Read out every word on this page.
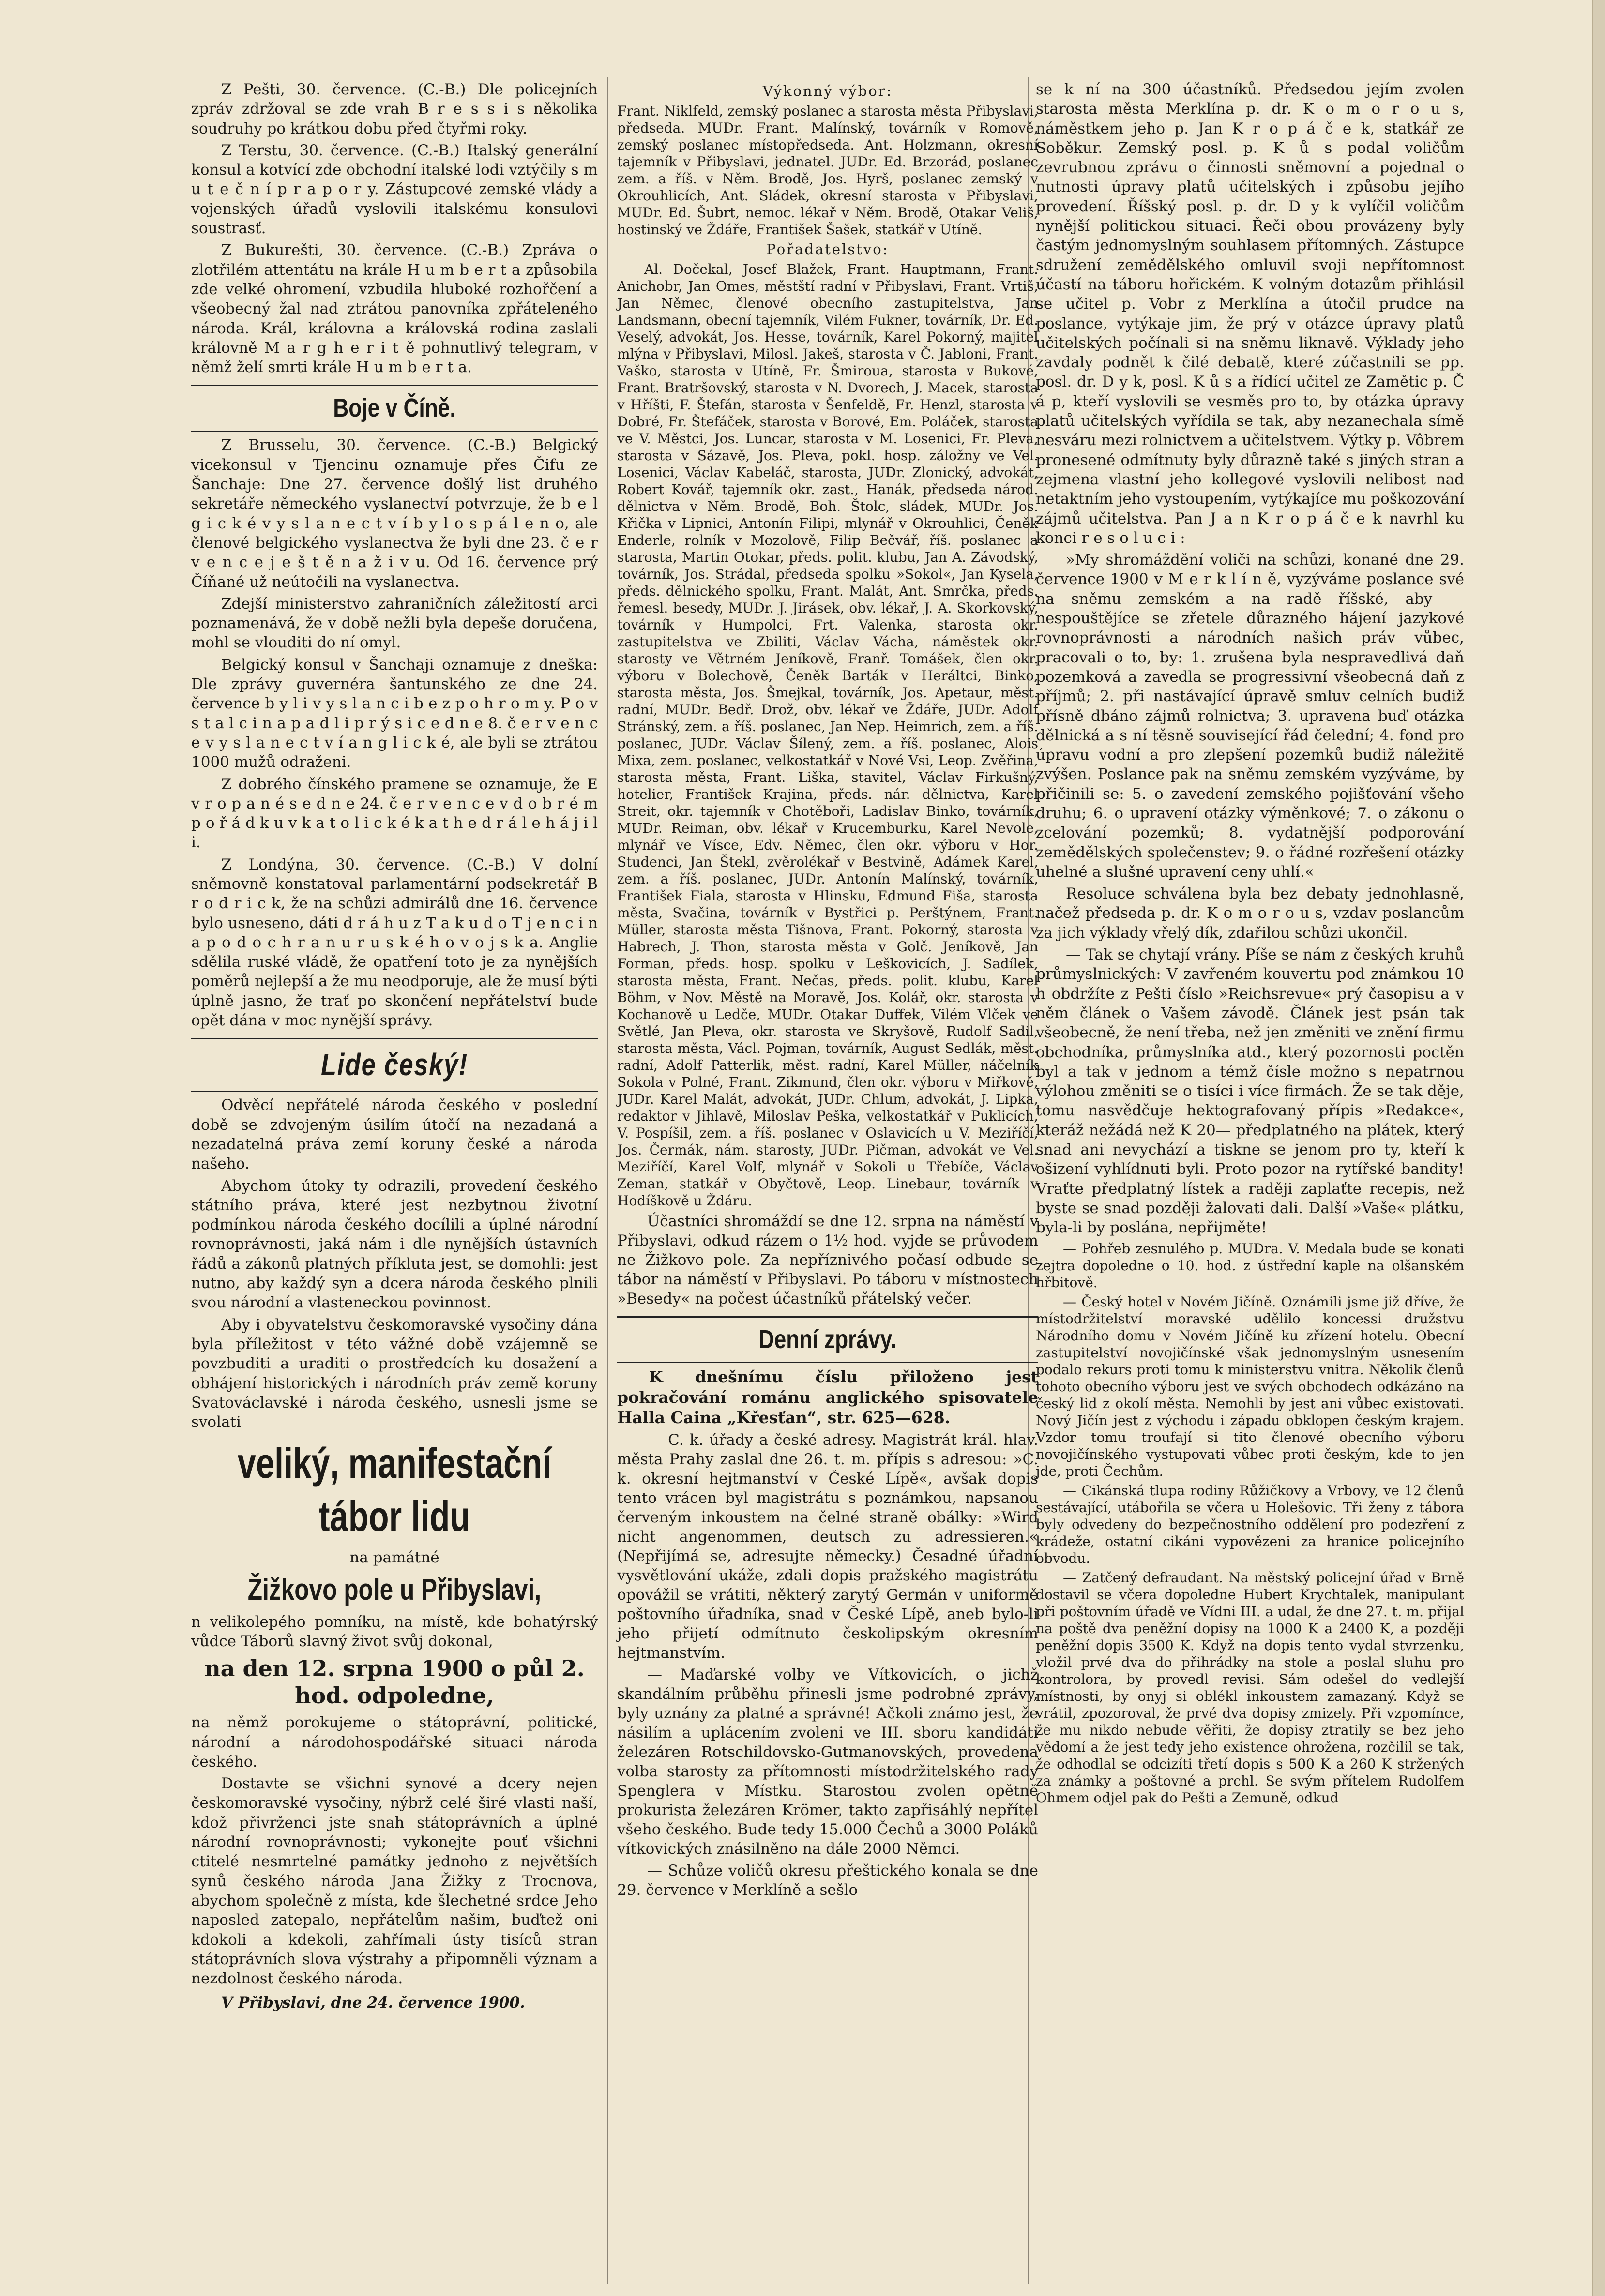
Z Pešti, 30. července. (C.-B.) Dle policejních zpráv zdržoval se zde vrah B r e s s i s několika soudruhy po krátkou dobu před čtyřmi roky.

Z Terstu, 30. července. (C.-B.) Italský generální konsul a kotvící zde obchodní italské lodi vztýčily s m u t e č n í p r a p o r y. Zástupcové zemské vlády a vojenských úřadů vyslovili italskému konsulovi soustrasť.

Z Bukurešti, 30. července. (C.-B.) Zpráva o zlotřilém attentátu na krále H u m b e r t a způsobila zde velké ohromení, vzbudila hluboké rozhořčení a všeobecný žal nad ztrátou panovníka zpřáteleného národa. Král, královna a královská rodina zaslali královně M a r g h e r i t ě pohnutlivý telegram, v němž želí smrti krále H u m b e r t a.

Boje v Číně.

Z Brusselu, 30. července. (C.-B.) Belgický vicekonsul v Tjencinu oznamuje přes Čifu ze Šanchaje: Dne 27. července došlý list druhého sekretáře německého vyslanectví potvrzuje, že b e l g i c k é v y s l a n e c t v í b y l o s p á l e n o, ale členové belgického vyslanectva že byli dne 23. č e r v e n c e j e š t ě n a ž i v u. Od 16. července prý Číňané už neútočili na vyslanectva.

Zdejší ministerstvo zahraničních záležitostí arci poznamenává, že v době nežli byla depeše doručena, mohl se vlouditi do ní omyl.

Belgický konsul v Šanchaji oznamuje z dneška: Dle zprávy guvernéra šantunského ze dne 24. července b y l i v y s l a n c i b e z p o h r o m y. P o v s t a l c i n a p a d l i p r ý s i c e d n e 8. č e r v e n c e v y s l a n e c t v í a n g l i c k é, ale byli se ztrátou 1000 mužů odraženi.

Z dobrého čínského pramene se oznamuje, že E v r o p a n é s e d n e 24. č e r v e n c e v d o b r é m p o ř á d k u v k a t o l i c k é k a t h e d r á l e h á j i l i.

Z Londýna, 30. července. (C.-B.) V dolní sněmovně konstatoval parlamentární podsekretář B r o d r i c k, že na schůzi admirálů dne 16. července bylo usneseno, dáti d r á h u z T a k u d o T j e n c i n a p o d o c h r a n u r u s k é h o v o j s k a. Anglie sdělila ruské vládě, že opatření toto je za nynějších poměrů nejlepší a že mu neodporuje, ale že musí býti úplně jasno, že trať po skončení nepřátelství bude opět dána v moc nynější správy.

Lide český!

Odvěcí nepřátelé národa českého v poslední době se zdvojeným úsilím útočí na nezadaná a nezadatelná práva zemí koruny české a národa našeho.

Abychom útoky ty odrazili, provedení českého státního práva, které jest nezbytnou životní podmínkou národa českého docílili a úplné národní rovnoprávnosti, jaká nám i dle nynějších ústavních řádů a zákonů platných příkluta jest, se domohli: jest nutno, aby každý syn a dcera národa českého plnili svou národní a vlasteneckou povinnost.

Aby i obyvatelstvu českomoravské vysočiny dána byla příležitost v této vážné době vzájemně se povzbuditi a uraditi o prostředcích ku dosažení a obhájení historických i národních práv země koruny Svatováclavské i národa českého, usnesli jsme se svolati

veliký, manifestační tábor lidu
na památné
Žižkovo pole u Přibyslavi,

n velikolepého pomníku, na místě, kde bohatýrský vůdce Táborů slavný život svůj dokonal,

na den 12. srpna 1900 o půl 2. hod. odpoledne,

na němž porokujeme o státoprávní, politické, národní a národohospodářské situaci národa českého.

Dostavte se všichni synové a dcery nejen českomoravské vysočiny, nýbrž celé širé vlasti naší, kdož přivrženci jste snah státoprávních a úplné národní rovnoprávnosti; vykonejte pouť všichni ctitelé nesmrtelné památky jednoho z největších synů českého národa Jana Žižky z Trocnova, abychom společně z místa, kde šlechetné srdce Jeho naposled zatepalo, nepřátelům našim, buďtež oni kdokoli a kdekoli, zahřímali ústy tisíců stran státoprávních slova výstrahy a připomněli význam a nezdolnost českého národa.

V Přibyslavi, dne 24. července 1900.

Výkonný výbor:

Frant. Niklfeld, zemský poslanec a starosta města Přibyslavi, předseda. MUDr. Frant. Malínský, továrník v Romově, zemský poslanec místopředseda. Ant. Holzmann, okresní tajemník v Přibyslavi, jednatel. JUDr. Ed. Brzorád, poslanec zem. a říš. v Něm. Brodě, Jos. Hyrš, poslanec zemský v Okrouhlicích, Ant. Sládek, okresní starosta v Přibyslavi, MUDr. Ed. Šubrt, nemoc. lékař v Něm. Brodě, Otakar Veliš, hostinský ve Ždáře, František Šašek, statkář v Utíně.

Pořadatelstvo:

Al. Dočekal, Josef Blažek, Frant. Hauptmann, Frant. Anichobr, Jan Omes, městští radní v Přibyslavi, Frant. Vrtiš, Jan Němec, členové obecního zastupitelstva, Jan Landsmann, obecní tajemník, Vilém Fukner, továrník, Dr. Ed. Veselý, advokát, Jos. Hesse, továrník, Karel Pokorný, majitel mlýna v Přibyslavi, Milosl. Jakeš, starosta v Č. Jabloni, Frant. Vaško, starosta v Utíně, Fr. Šmiroua, starosta v Bukové, Frant. Bratršovský, starosta v N. Dvorech, J. Macek, starosta v Hříšti, F. Štefán, starosta v Šenfeldě, Fr. Henzl, starosta v Dobré, Fr. Štefáček, starosta v Borové, Em. Poláček, starosta ve V. Městci, Jos. Luncar, starosta v M. Losenici, Fr. Pleva, starosta v Sázavě, Jos. Pleva, pokl. hosp. záložny ve Vel. Losenici, Václav Kabeláč, starosta, JUDr. Zlonický, advokát, Robert Kovář, tajemník okr. zast., Hanák, předseda národ. dělnictva v Něm. Brodě, Boh. Štolc, sládek, MUDr. Jos. Křička v Lipnici, Antonín Filipi, mlynář v Okrouhlici, Čeněk Enderle, rolník v Mozolově, Filip Bečvář, říš. poslanec a starosta, Martin Otokar, předs. polit. klubu, Jan A. Závodský, továrník, Jos. Strádal, předseda spolku »Sokol«, Jan Kysela, předs. dělnického spolku, Frant. Malát, Ant. Smrčka, předs. řemesl. besedy, MUDr. J. Jirásek, obv. lékař, J. A. Skorkovský, továrník v Humpolci, Frt. Valenka, starosta okr. zastupitelstva ve Zbiliti, Václav Vácha, náměstek okr. starosty ve Větrném Jeníkově, Franř. Tomášek, člen okr. výboru v Bolechově, Čeněk Barták v Heráltci, Binko, starosta města, Jos. Šmejkal, továrník, Jos. Apetaur, měst. radní, MUDr. Bedř. Drož, obv. lékař ve Ždáře, JUDr. Adolf Stránský, zem. a říš. poslanec, Jan Nep. Heimrich, zem. a říš. poslanec, JUDr. Václav Šílený, zem. a říš. poslanec, Alois Mixa, zem. poslanec, velkostatkář v Nové Vsi, Leop. Zvěřina, starosta města, Frant. Liška, stavitel, Václav Firkušný, hotelier, František Krajina, předs. nár. dělnictva, Karel Streit, okr. tajemník v Chotěboři, Ladislav Binko, továrník, MUDr. Reiman, obv. lékař v Krucemburku, Karel Nevole, mlynář ve Vísce, Edv. Němec, člen okr. výboru v Hor. Studenci, Jan Štekl, zvěrolékař v Bestvině, Adámek Karel, zem. a říš. poslanec, JUDr. Antonín Malínský, továrník, František Fiala, starosta v Hlinsku, Edmund Fiša, starosta města, Svačina, továrník v Bystřici p. Perštýnem, Frant. Müller, starosta města Tišnova, Frant. Pokorný, starosta v Habrech, J. Thon, starosta města v Golč. Jeníkově, Jan Forman, předs. hosp. spolku v Leškovicích, J. Sadílek, starosta města, Frant. Nečas, předs. polit. klubu, Karel Böhm, v Nov. Městě na Moravě, Jos. Kolář, okr. starosta v Kochanově u Ledče, MUDr. Otakar Duffek, Vilém Vlček ve Světlé, Jan Pleva, okr. starosta ve Skryšově, Rudolf Sadil, starosta města, Václ. Pojman, továrník, August Sedlák, měst. radní, Adolf Patterlik, měst. radní, Karel Müller, náčelník Sokola v Polné, Frant. Zikmund, člen okr. výboru v Miřkově, JUDr. Karel Malát, advokát, JUDr. Chlum, advokát, J. Lipka, redaktor v Jihlavě, Miloslav Peška, velkostatkář v Puklicích, V. Pospíšil, zem. a říš. poslanec v Oslavicích u V. Meziříčí, Jos. Čermák, nám. starosty, JUDr. Pičman, advokát ve Vel. Meziříčí, Karel Volf, mlynář v Sokoli u Třebíče, Václav Zeman, statkář v Obyčtově, Leop. Linebaur, továrník v Hodíškově u Ždáru.

Účastníci shromáždí se dne 12. srpna na náměstí v Přibyslavi, odkud rázem o 1½ hod. vyjde se průvodem ne Žižkovo pole. Za nepříznivého počasí odbude se tábor na náměstí v Přibyslavi. Po táboru v místnostech »Besedy« na počest účastníků přátelský večer.

Denní zprávy.

K dnešnímu číslu přiloženo jest pokračování románu anglického spisovatele Halla Caina „Křesťan“, str. 625—628.

— C. k. úřady a české adresy. Magistrát král. hlav. města Prahy zaslal dne 26. t. m. přípis s adresou: »C. k. okresní hejtmanství v České Lípě«, avšak dopis tento vrácen byl magistrátu s poznámkou, napsanou červeným inkoustem na čelné straně obálky: »Wird nicht angenommen, deutsch zu adressieren.« (Nepřijímá se, adresujte německy.) Česadné úřadní vysvětlování ukáže, zdali dopis pražského magistrátu opovážil se vrátiti, některý zarytý Germán v uniformě poštovního úřadníka, snad v České Lípě, aneb bylo-li jeho přijetí odmítnuto českolipským okresním hejtmanstvím.

— Maďarské volby ve Vítkovicích, o jichž skandálním průběhu přinesli jsme podrobné zprávy, byly uznány za platné a správné! Ačkoli známo jest, že násilím a uplácením zvoleni ve III. sboru kandidáti železáren Rotschildovsko-Gutmanovských, provedena volba starosty za přítomnosti místodržitelského rady Spenglera v Místku. Starostou zvolen opětně prokurista železáren Krömer, takto zapřisáhlý nepřítel všeho českého. Bude tedy 15.000 Čechů a 3000 Poláků vítkovických znásilněno na dále 2000 Němci.

— Schůze voličů okresu přeštického konala se dne 29. července v Merklíně a sešlo

se k ní na 300 účastníků. Předsedou jejím zvolen starosta města Merklína p. dr. K o m o r o u s, náměstkem jeho p. Jan K r o p á č e k, statkář ze Soběkur. Zemský posl. p. K ů s podal voličům zevrubnou zprávu o činnosti sněmovní a pojednal o nutnosti úpravy platů učitelských i způsobu jejího provedení. Říšský posl. p. dr. D y k vylíčil voličům nynější politickou situaci. Řeči obou provázeny byly častým jednomyslným souhlasem přítomných. Zástupce sdružení zemědělského omluvil svoji nepřítomnost účastí na táboru hořickém. K volným dotazům přihlásil se učitel p. Vobr z Merklína a útočil prudce na poslance, vytýkaje jim, že prý v otázce úpravy platů učitelských počínali si na sněmu liknavě. Výklady jeho zavdaly podnět k čilé debatě, které zúčastnili se pp. posl. dr. D y k, posl. K ů s a řídící učitel ze Zamětic p. Č á p, kteří vyslovili se vesměs pro to, by otázka úpravy platů učitelských vyřídila se tak, aby nezanechala símě nesváru mezi rolnictvem a učitelstvem. Výtky p. Vôbrem pronesené odmítnuty byly důrazně také s jiných stran a zejmena vlastní jeho kollegové vyslovili nelibost nad netaktním jeho vystoupením, vytýkajíce mu poškozování zájmů učitelstva. Pan J a n K r o p á č e k navrhl ku konci r e s o l u c i :

»My shromáždění voliči na schůzi, konané dne 29. července 1900 v M e r k l í n ě, vyzýváme poslance své na sněmu zemském a na radě říšské, aby — nespouštějíce se zřetele důrazného hájení jazykové rovnoprávnosti a národních našich práv vůbec, pracovali o to, by: 1. zrušena byla nespravedlivá daň pozemková a zavedla se progressivní všeobecná daň z příjmů; 2. při nastávající úpravě smluv celních budiž přísně dbáno zájmů rolnictva; 3. upravena buď otázka dělnická a s ní těsně související řád čelední; 4. fond pro úpravu vodní a pro zlepšení pozemků budiž náležitě zvýšen. Poslance pak na sněmu zemském vyzýváme, by přičinili se: 5. o zavedení zemského pojišťování všeho druhu; 6. o upravení otázky výměnkové; 7. o zákonu o zcelování pozemků; 8. vydatnější podporování zemědělských společenstev; 9. o řádné rozřešení otázky uhelné a slušné upravení ceny uhlí.«

Resoluce schválena byla bez debaty jednohlasně, načež předseda p. dr. K o m o r o u s, vzdav poslancům za jich výklady vřelý dík, zdařilou schůzi ukončil.

— Tak se chytají vrány. Píše se nám z českých kruhů průmyslnických: V zavřeném kouvertu pod známkou 10 h obdržíte z Pešti číslo »Reichsrevue« prý časopisu a v něm článek o Vašem závodě. Článek jest psán tak všeobecně, že není třeba, než jen změniti ve znění firmu obchodníka, průmyslníka atd., který pozornosti poctěn byl a tak v jednom a témž čísle možno s nepatrnou výlohou změniti se o tisíci i více firmách. Že se tak děje, tomu nasvědčuje hektografovaný přípis »Redakce«, kteráž nežádá než K 20— předplatného na plátek, který snad ani nevychází a tiskne se jenom pro ty, kteří k ošizení vyhlídnuti byli. Proto pozor na rytířské bandity! Vraťte předplatný lístek a raději zaplaťte recepis, než byste se snad později žalovati dali. Další »Vaše« plátku, byla-li by poslána, nepřijměte!

— Pohřeb zesnulého p. MUDra. V. Medala bude se konati zejtra dopoledne o 10. hod. z ústřední kaple na olšanském hřbitově.

— Český hotel v Novém Jičíně. Oznámili jsme již dříve, že místodržitelství moravské udělilo koncessi družstvu Národního domu v Novém Jičíně ku zřízení hotelu. Obecní zastupitelství novojičínské však jednomyslným usnesením podalo rekurs proti tomu k ministerstvu vnitra. Několik členů tohoto obecního výboru jest ve svých obchodech odkázáno na český lid z okolí města. Nemohli by jest ani vůbec existovati. Nový Jičín jest z východu i západu obklopen českým krajem. Vzdor tomu troufají si tito členové obecního výboru novojičínského vystupovati vůbec proti českým, kde to jen jde, proti Čechům.

— Cikánská tlupa rodiny Růžičkovy a Vrbovy, ve 12 členů sestávající, utábořila se včera u Holešovic. Tři ženy z tábora byly odvedeny do bezpečnostního oddělení pro podezření z krádeže, ostatní cikáni vypovězeni za hranice policejního obvodu.

— Zatčený defraudant. Na městský policejní úřad v Brně dostavil se včera dopoledne Hubert Krychtalek, manipulant při poštovním úřadě ve Vídni III. a udal, že dne 27. t. m. přijal na poště dva peněžní dopisy na 1000 K a 2400 K, a později peněžní dopis 3500 K. Když na dopis tento vydal stvrzenku, vložil prvé dva do přihrádky na stole a poslal sluhu pro kontrolora, by provedl revisi. Sám odešel do vedlejší místnosti, by onyj si oblékl inkoustem zamazaný. Když se vrátil, zpozoroval, že prvé dva dopisy zmizely. Při vzpomínce, že mu nikdo nebude věřiti, že dopisy ztratily se bez jeho vědomí a že jest tedy jeho existence ohrožena, rozčilil se tak, že odhodlal se odcizíti třetí dopis s 500 K a 260 K stržených za známky a poštovné a prchl. Se svým přítelem Rudolfem Ohmem odjel pak do Pešti a Zemuně, odkud
